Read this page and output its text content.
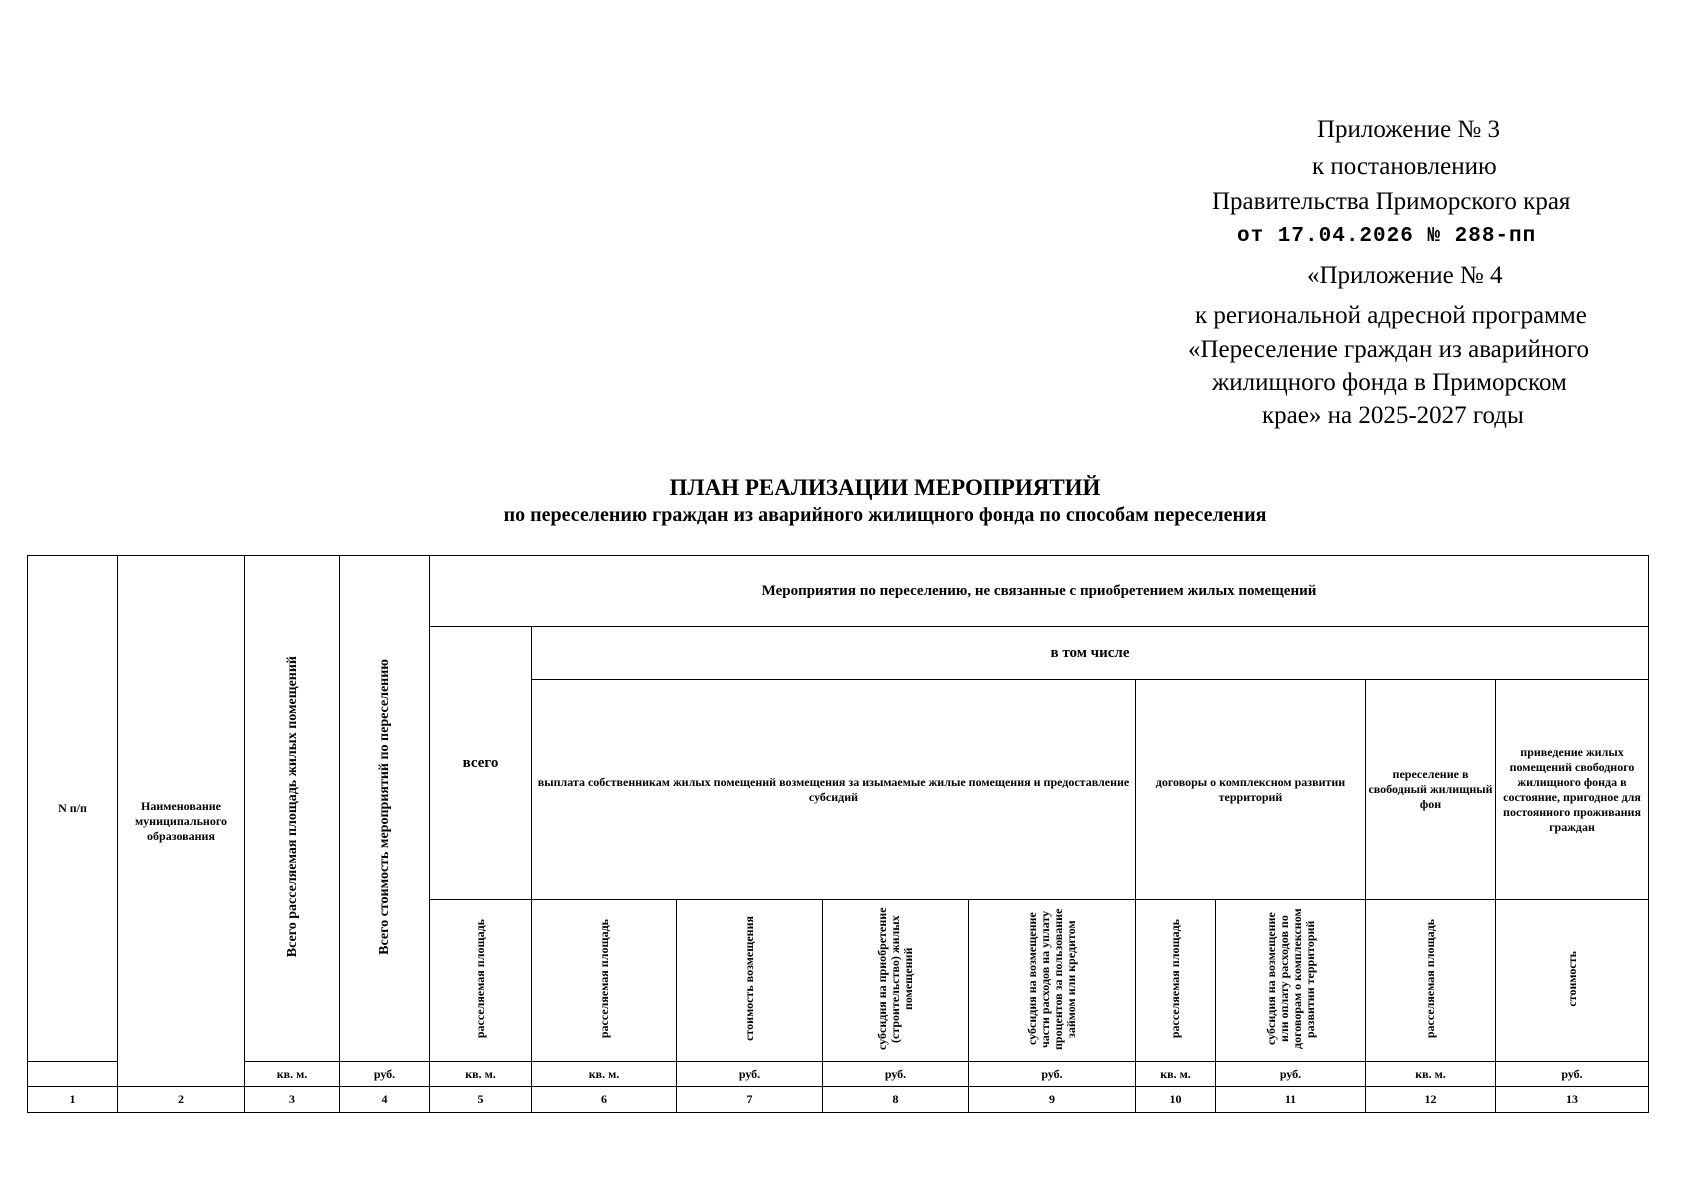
Приложение № 3
к постановлению
Правительства Приморского края
от 17.04.2026 № 288-пп
«Приложение № 4
к региональной адресной программе
«Переселение граждан из аварийного
жилищного фонда в Приморском
крае» на 2025-2027 годы
ПЛАН РЕАЛИЗАЦИИ МЕРОПРИЯТИЙ
по переселению граждан из аварийного жилищного фонда по способам переселения
N п/п	Наименование муниципального образования	Всего расселяемая площадь жилых помещений	Всего стоимость мероприятий по переселению	Мероприятия по переселению, не связанные с приобретением жилых помещений								
				всего	в том числе							
					выплата собственникам жилых помещений возмещения за изымаемые жилые помещения и предоставление субсидий				договоры о комплексном развитии территорий		переселение в свободный жилищный фон	приведение жилых помещений свободного жилищного фонда в состояние, пригодное для постоянного проживания граждан
				расселяемая площадь	расселяемая площадь	стоимость возмещения	субсидия на приобретение (строительство) жилых помещений	субсидия на возмещение части расходов на уплату процентов за пользование займом или кредитом	расселяемая площадь	субсидия на возмещение или оплату расходов по договорам о комплексном развитии территорий	расселяемая площадь	стоимость
		кв. м.	руб.	кв. м.	кв. м.	руб.	руб.	руб.	кв. м.	руб.	кв. м.	руб.
1	2	3	4	5	6	7	8	9	10	11	12	13
